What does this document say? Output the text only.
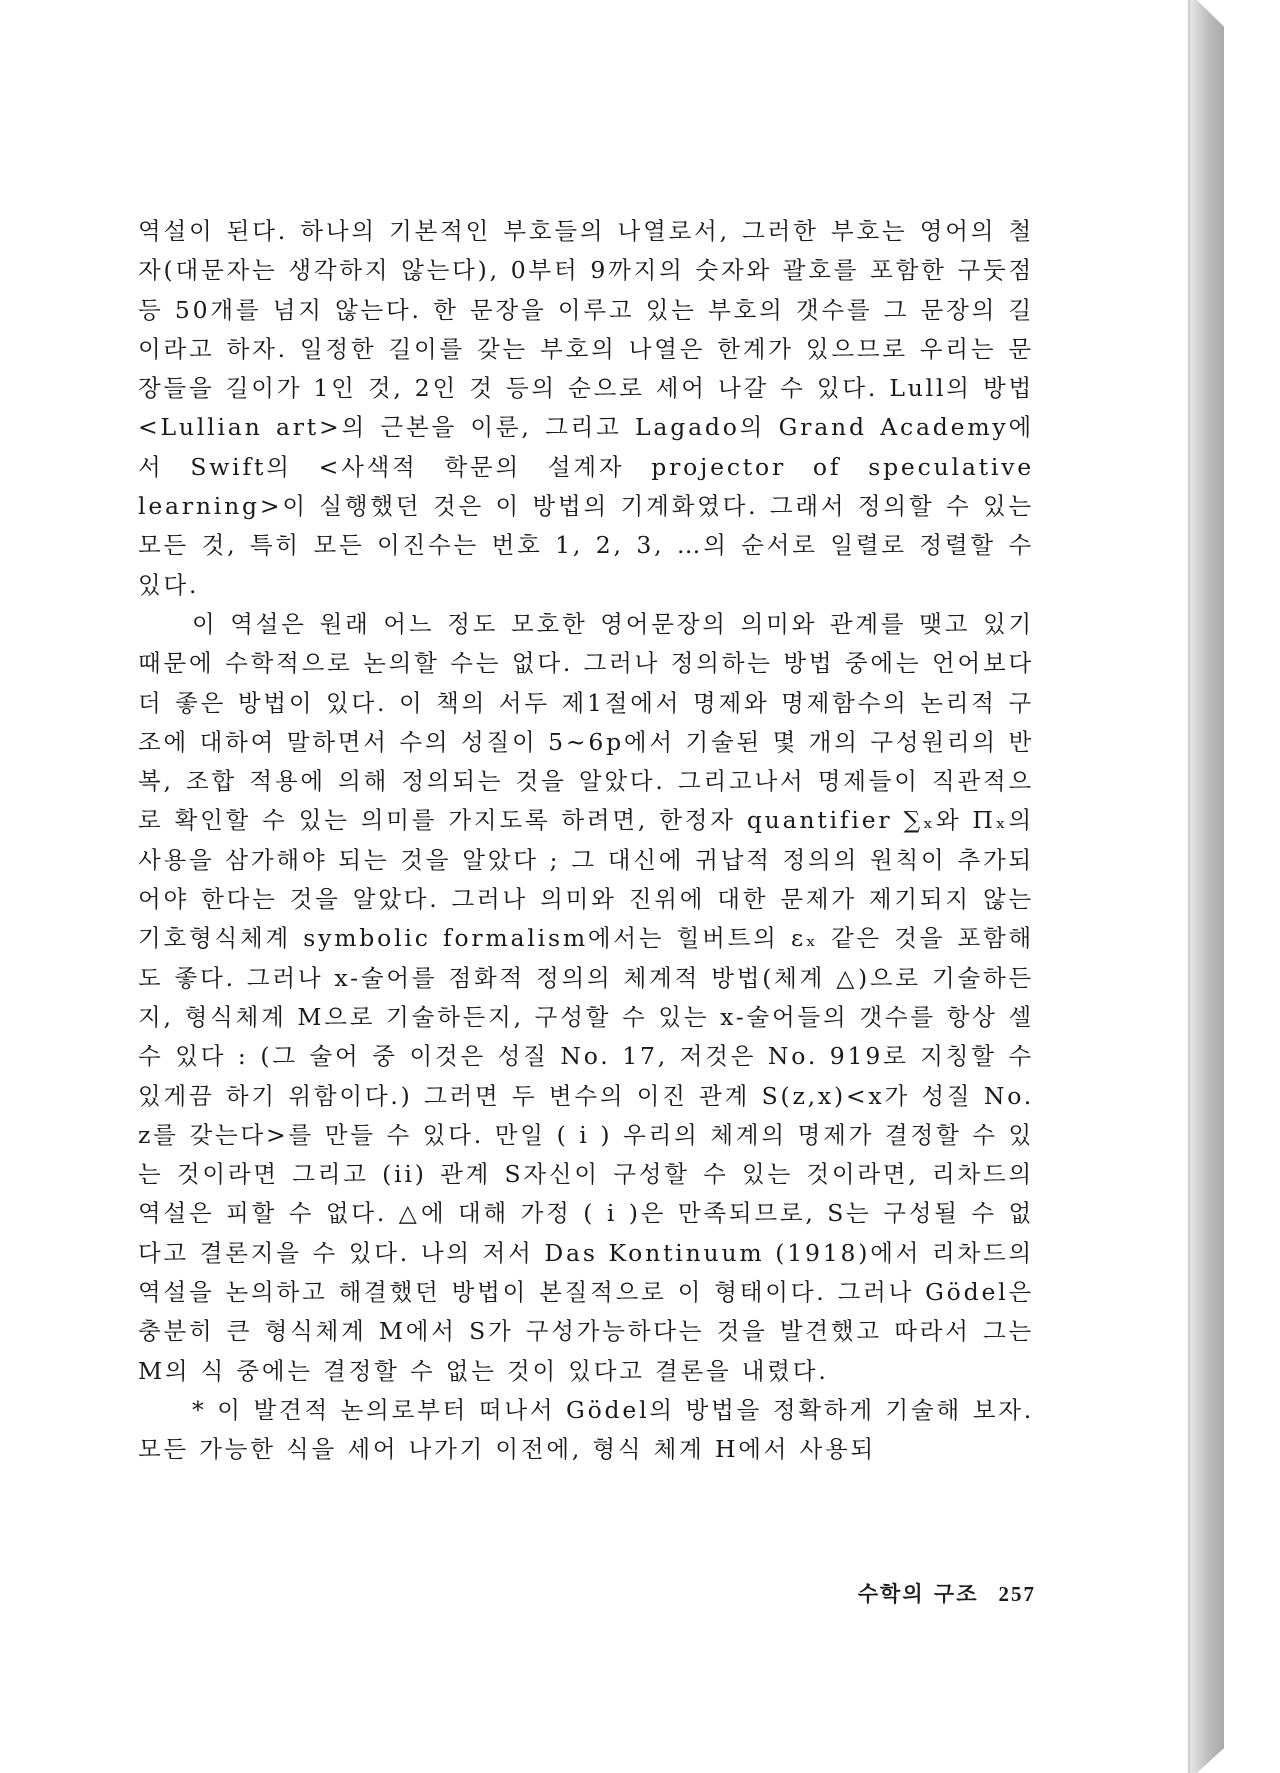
역설이 된다. 하나의 기본적인 부호들의 나열로서, 그러한 부호는 영어의 철자(대문자는 생각하지 않는다), 0부터 9까지의 숫자와 괄호를 포함한 구둣점 등 50개를 넘지 않는다. 한 문장을 이루고 있는 부호의 갯수를 그 문장의 길이라고 하자. 일정한 길이를 갖는 부호의 나열은 한계가 있으므로 우리는 문장들을 길이가 1인 것, 2인 것 등의 순으로 세어 나갈 수 있다. Lull의 방법<Lullian art>의 근본을 이룬, 그리고 Lagado의 Grand Academy에서 Swift의 <사색적 학문의 설계자 projector of speculative learning>이 실행했던 것은 이 방법의 기계화였다. 그래서 정의할 수 있는 모든 것, 특히 모든 이진수는 번호 1, 2, 3, …의 순서로 일렬로 정렬할 수 있다.

이 역설은 원래 어느 정도 모호한 영어문장의 의미와 관계를 맺고 있기 때문에 수학적으로 논의할 수는 없다. 그러나 정의하는 방법 중에는 언어보다 더 좋은 방법이 있다. 이 책의 서두 제1절에서 명제와 명제함수의 논리적 구조에 대하여 말하면서 수의 성질이 5~6p에서 기술된 몇 개의 구성원리의 반복, 조합 적용에 의해 정의되는 것을 알았다. 그리고나서 명제들이 직관적으로 확인할 수 있는 의미를 가지도록 하려면, 한정자 quantifier ∑ₓ와 Πₓ의 사용을 삼가해야 되는 것을 알았다 ; 그 대신에 귀납적 정의의 원칙이 추가되어야 한다는 것을 알았다. 그러나 의미와 진위에 대한 문제가 제기되지 않는 기호형식체계 symbolic formalism에서는 힐버트의 εₓ 같은 것을 포함해도 좋다. 그러나 x-술어를 점화적 정의의 체계적 방법(체계 △)으로 기술하든지, 형식체계 M으로 기술하든지, 구성할 수 있는 x-술어들의 갯수를 항상 셀 수 있다 : (그 술어 중 이것은 성질 No. 17, 저것은 No. 919로 지칭할 수 있게끔 하기 위함이다.) 그러면 두 변수의 이진 관계 S(z,x)<x가 성질 No. z를 갖는다>를 만들 수 있다. 만일 ( i ) 우리의 체계의 명제가 결정할 수 있는 것이라면 그리고 (ii) 관계 S자신이 구성할 수 있는 것이라면, 리차드의 역설은 피할 수 없다. △에 대해 가정 ( i )은 만족되므로, S는 구성될 수 없다고 결론지을 수 있다. 나의 저서 Das Kontinuum (1918)에서 리차드의 역설을 논의하고 해결했던 방법이 본질적으로 이 형태이다. 그러나 Gödel은 충분히 큰 형식체계 M에서 S가 구성가능하다는 것을 발견했고 따라서 그는 M의 식 중에는 결정할 수 없는 것이 있다고 결론을 내렸다.

* 이 발견적 논의로부터 떠나서 Gödel의 방법을 정확하게 기술해 보자. 모든 가능한 식을 세어 나가기 이전에, 형식 체계 H에서 사용되

수학의 구조 257
